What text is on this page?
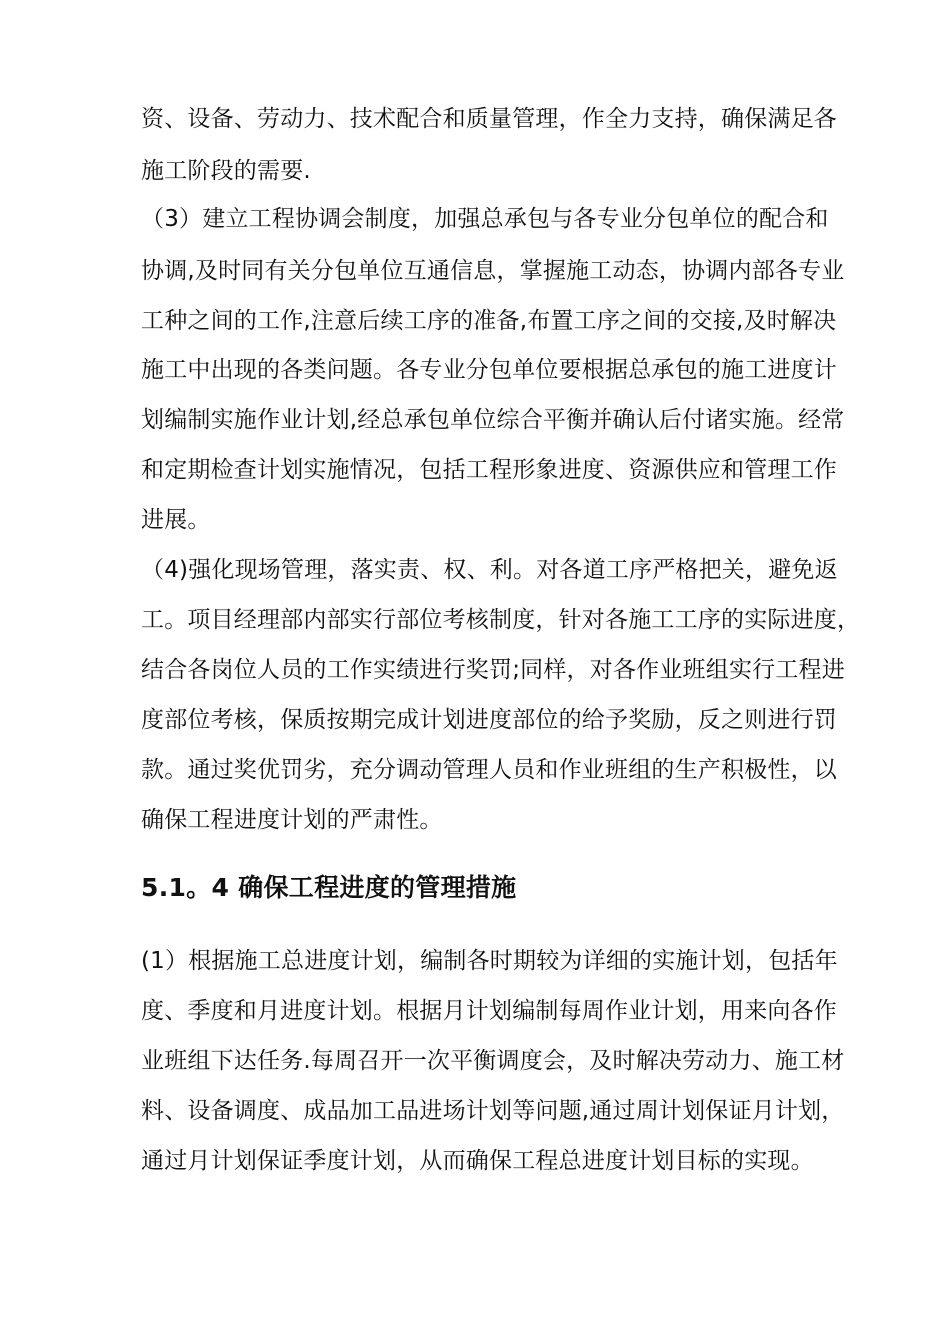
资、设备、劳动力、技术配合和质量管理，作全力支持，确保满足各
施工阶段的需要.
（3）建立工程协调会制度，加强总承包与各专业分包单位的配合和
协调,及时同有关分包单位互通信息，掌握施工动态，协调内部各专业
工种之间的工作,注意后续工序的准备,布置工序之间的交接,及时解决
施工中出现的各类问题。各专业分包单位要根据总承包的施工进度计
划编制实施作业计划,经总承包单位综合平衡并确认后付诸实施。经常
和定期检查计划实施情况，包括工程形象进度、资源供应和管理工作
进展。
（4)强化现场管理，落实责、权、利。对各道工序严格把关，避免返
工。项目经理部内部实行部位考核制度，针对各施工工序的实际进度，
结合各岗位人员的工作实绩进行奖罚;同样，对各作业班组实行工程进
度部位考核，保质按期完成计划进度部位的给予奖励，反之则进行罚
款。通过奖优罚劣，充分调动管理人员和作业班组的生产积极性，以
确保工程进度计划的严肃性。
5.1。4 确保工程进度的管理措施
(1）根据施工总进度计划，编制各时期较为详细的实施计划，包括年
度、季度和月进度计划。根据月计划编制每周作业计划，用来向各作
业班组下达任务.每周召开一次平衡调度会，及时解决劳动力、施工材
料、设备调度、成品加工品进场计划等问题,通过周计划保证月计划，
通过月计划保证季度计划，从而确保工程总进度计划目标的实现。
